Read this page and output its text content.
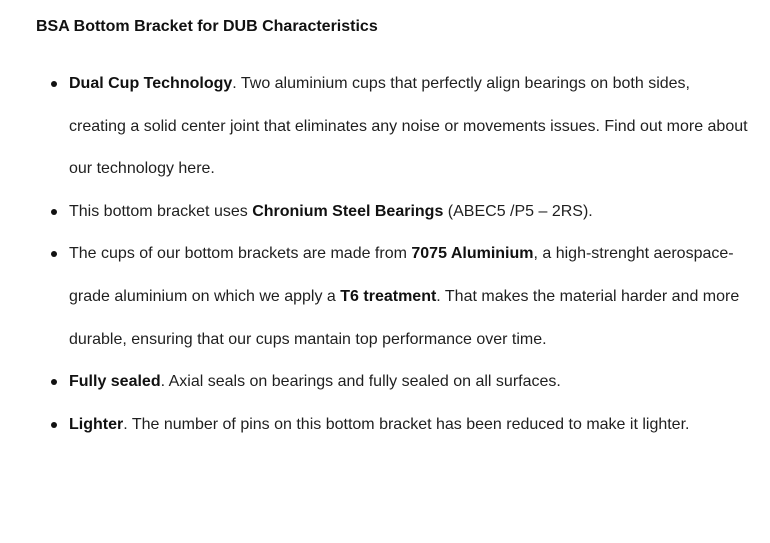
BSA Bottom Bracket for DUB Characteristics
Dual Cup Technology. Two aluminium cups that perfectly align bearings on both sides, creating a solid center joint that eliminates any noise or movements issues. Find out more about our technology here.
This bottom bracket uses Chronium Steel Bearings (ABEC5 /P5 – 2RS).
The cups of our bottom brackets are made from 7075 Aluminium, a high-strenght aerospace-grade aluminium on which we apply a T6 treatment. That makes the material harder and more durable, ensuring that our cups mantain top performance over time.
Fully sealed. Axial seals on bearings and fully sealed on all surfaces.
Lighter. The number of pins on this bottom bracket has been reduced to make it lighter.
